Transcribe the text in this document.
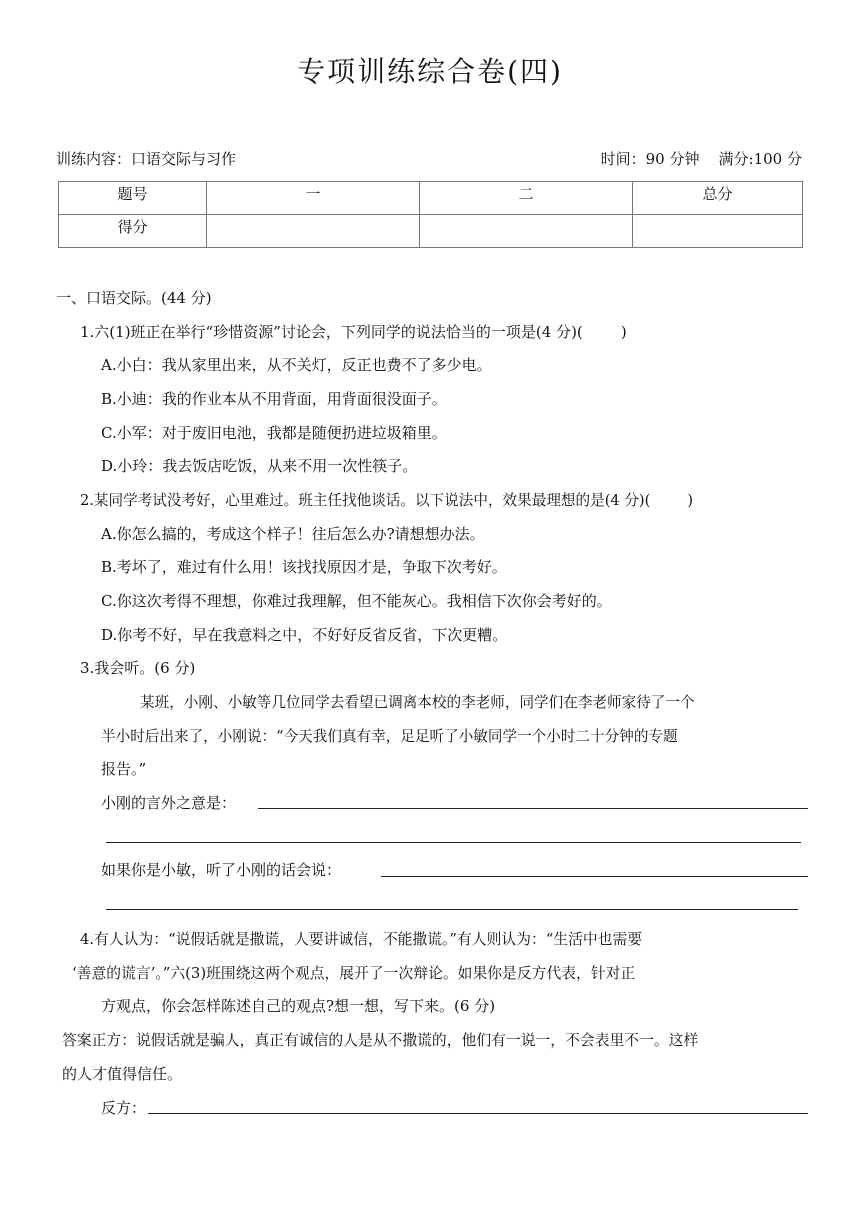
专项训练综合卷(四)
训练内容：口语交际与习作	时间：90 分钟    满分:100 分
题号	一	二	总分
得分			
一、口语交际。(44 分)
1.六(1)班正在举行“珍惜资源”讨论会，下列同学的说法恰当的一项是(4 分)(        )
A.小白：我从家里出来，从不关灯，反正也费不了多少电。
B.小迪：我的作业本从不用背面，用背面很没面子。
C.小军：对于废旧电池，我都是随便扔进垃圾箱里。
D.小玲：我去饭店吃饭，从来不用一次性筷子。
2.某同学考试没考好，心里难过。班主任找他谈话。以下说法中，效果最理想的是(4 分)(        )
A.你怎么搞的，考成这个样子！往后怎么办?请想想办法。
B.考坏了，难过有什么用！该找找原因才是，争取下次考好。
C.你这次考得不理想，你难过我理解，但不能灰心。我相信下次你会考好的。
D.你考不好，早在我意料之中，不好好反省反省，下次更糟。
3.我会听。(6 分)
某班，小刚、小敏等几位同学去看望已调离本校的李老师，同学们在李老师家待了一个
半小时后出来了，小刚说：“今天我们真有幸，足足听了小敏同学一个小时二十分钟的专题
报告。”
小刚的言外之意是：
如果你是小敏，听了小刚的话会说：
4.有人认为：“说假话就是撒谎，人要讲诚信，不能撒谎。”有人则认为：“生活中也需要
‘善意的谎言’。”六(3)班围绕这两个观点，展开了一次辩论。如果你是反方代表，针对正
方观点，你会怎样陈述自己的观点?想一想，写下来。(6 分)
答案正方：说假话就是骗人，真正有诚信的人是从不撒谎的，他们有一说一，不会表里不一。这样
的人才值得信任。
反方：
